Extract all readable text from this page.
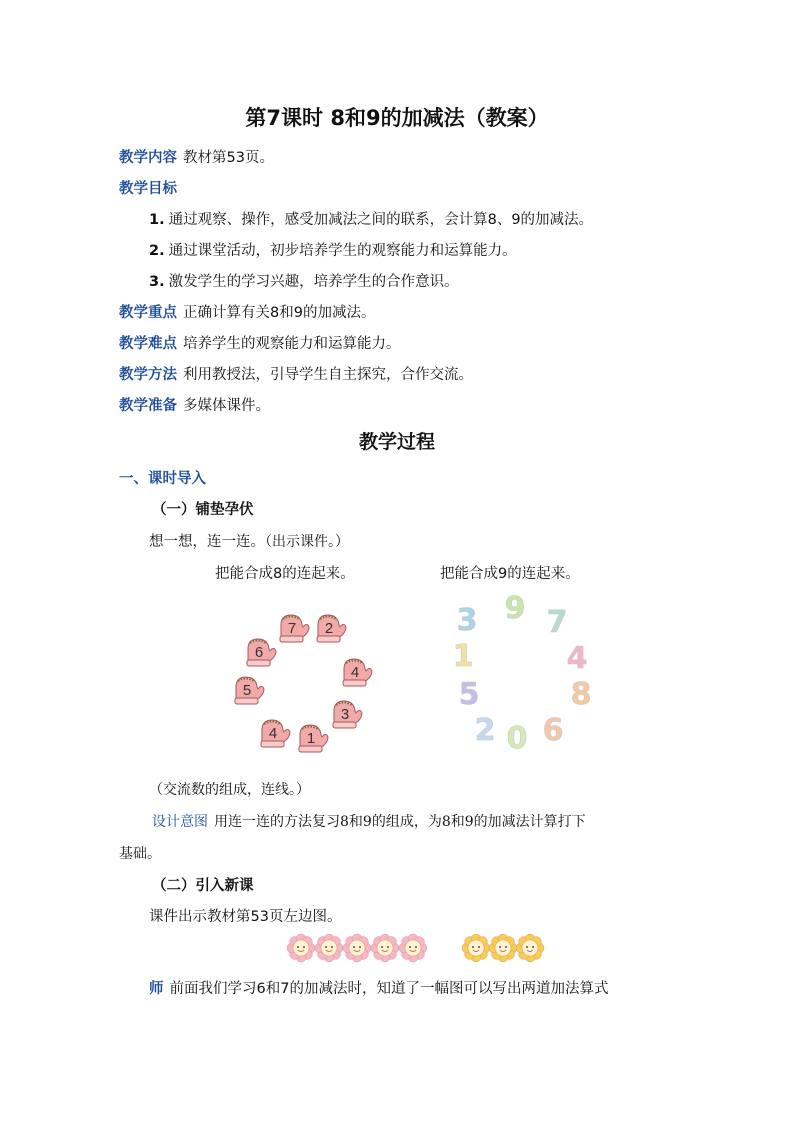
第7课时 8和9的加减法（教案）
教学内容 教材第53页。
教学目标
1. 通过观察、操作，感受加减法之间的联系，会计算8、9的加减法。
2. 通过课堂活动，初步培养学生的观察能力和运算能力。
3. 激发学生的学习兴趣，培养学生的合作意识。
教学重点 正确计算有关8和9的加减法。
教学难点 培养学生的观察能力和运算能力。
教学方法 利用教授法，引导学生自主探究，合作交流。
教学准备 多媒体课件。
教学过程
一、课时导入
（一）铺垫孕伏
想一想，连一连。（出示课件。）
把能合成8的连起来。	把能合成9的连起来。
7 2
6
4
5
3
4 1
3 9 7
1	4
5	8
2 0 6
（交流数的组成，连线。）
设计意图 用连一连的方法复习8和9的组成，为8和9的加减法计算打下
基础。
（二）引入新课
课件出示教材第53页左边图。
师 前面我们学习6和7的加减法时，知道了一幅图可以写出两道加法算式
